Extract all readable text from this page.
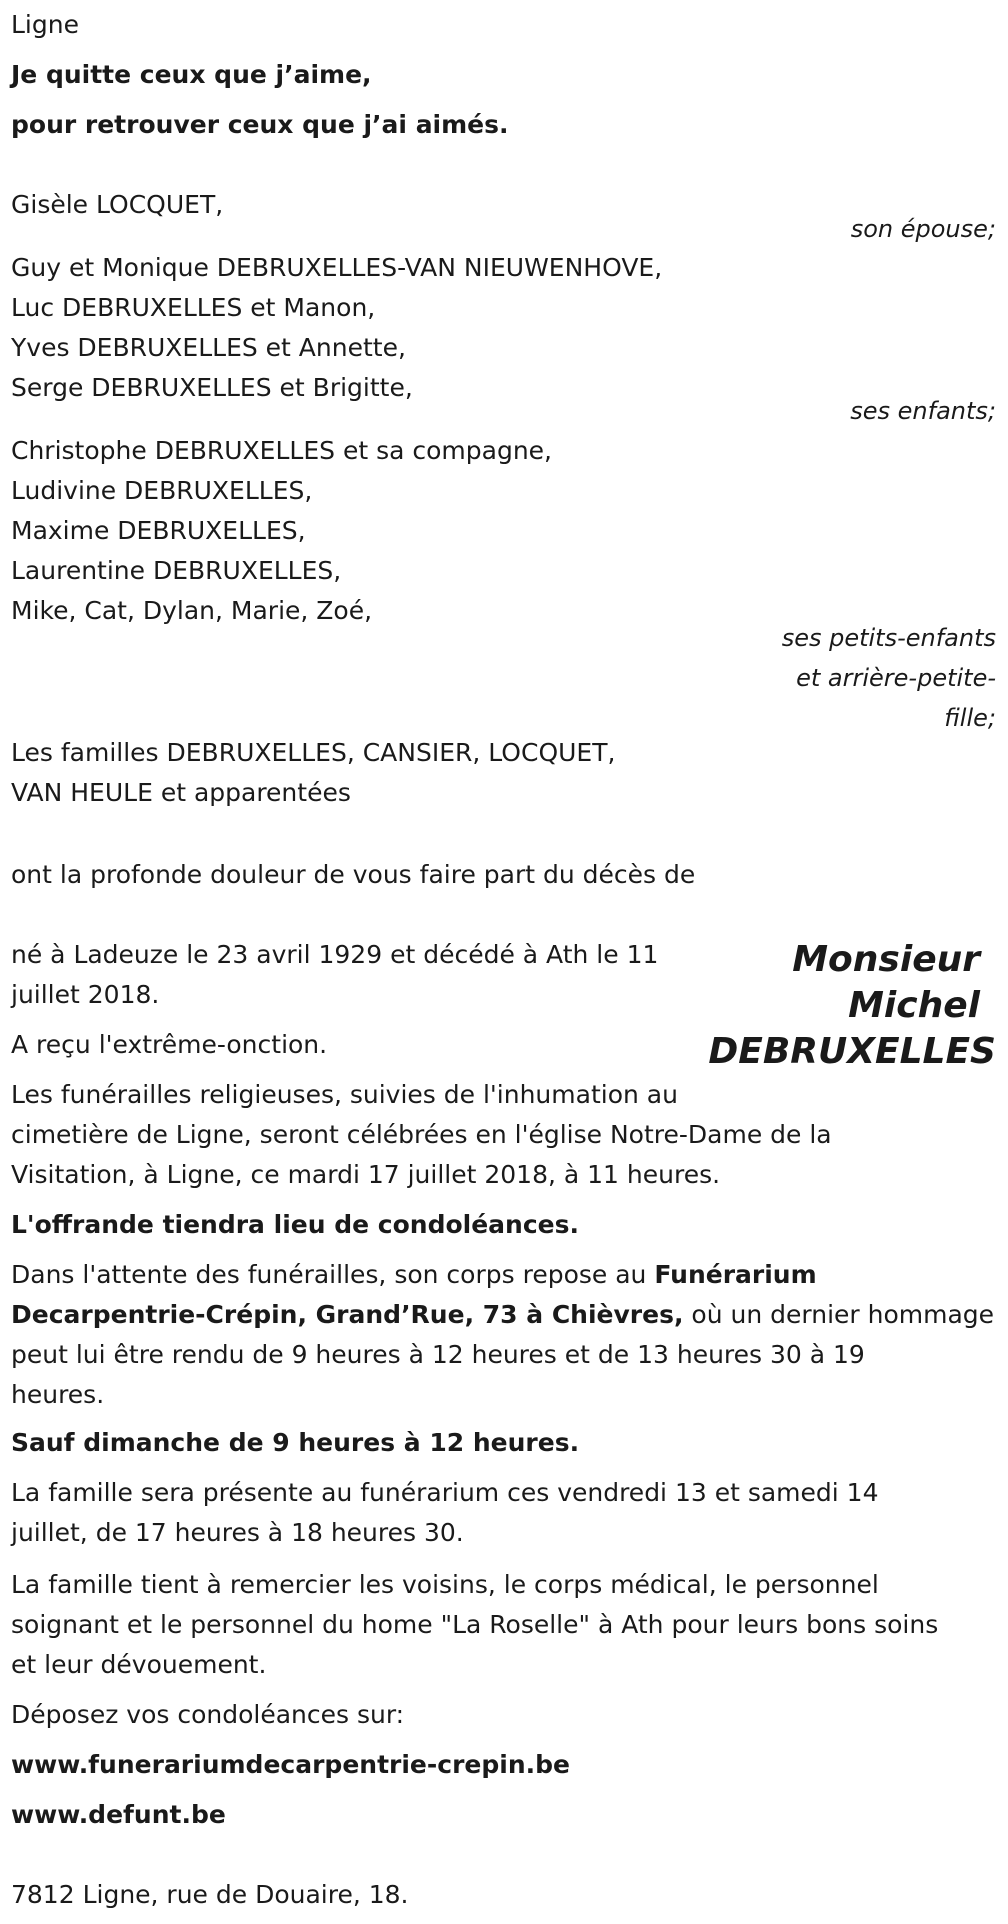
Ligne
Je quitte ceux que j’aime,
pour retrouver ceux que j’ai aimés.
Gisèle LOCQUET,
son épouse;
Guy et Monique DEBRUXELLES-VAN NIEUWENHOVE,
Luc DEBRUXELLES et Manon,
Yves DEBRUXELLES et Annette,
Serge DEBRUXELLES et Brigitte,
ses enfants;
Christophe DEBRUXELLES et sa compagne,
Ludivine DEBRUXELLES,
Maxime DEBRUXELLES,
Laurentine DEBRUXELLES,
Mike, Cat, Dylan, Marie, Zoé,
ses petits-enfants
et arrière-petite-
fille;
Les familles DEBRUXELLES, CANSIER, LOCQUET,
VAN HEULE et apparentées
ont la profonde douleur de vous faire part du décès de
né à Ladeuze le 23 avril 1929 et décédé à Ath le 11
juillet 2018.
A reçu l'extrême-onction.
Monsieur
Michel
DEBRUXELLES
Les funérailles religieuses, suivies de l'inhumation au
cimetière de Ligne, seront célébrées en l'église Notre-Dame de la
Visitation, à Ligne, ce mardi 17 juillet 2018, à 11 heures.
L'offrande tiendra lieu de condoléances.
Dans l'attente des funérailles, son corps repose au Funérarium
Decarpentrie-Crépin, Grand’Rue, 73 à Chièvres, où un dernier hommage
peut lui être rendu de 9 heures à 12 heures et de 13 heures 30 à 19
heures.
Sauf dimanche de 9 heures à 12 heures.
La famille sera présente au funérarium ces vendredi 13 et samedi 14
juillet, de 17 heures à 18 heures 30.
La famille tient à remercier les voisins, le corps médical, le personnel
soignant et le personnel du home "La Roselle" à Ath pour leurs bons soins
et leur dévouement.
Déposez vos condoléances sur:
www.funerariumdecarpentrie-crepin.be
www.defunt.be
7812 Ligne, rue de Douaire, 18.
